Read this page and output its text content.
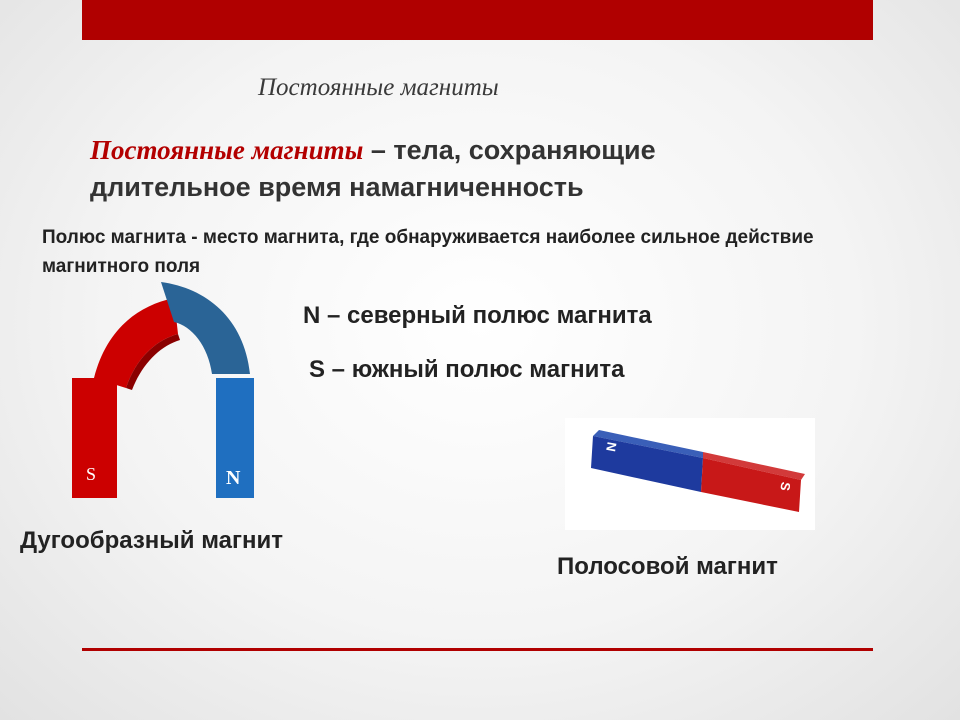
Постоянные магниты
Постоянные магниты – тела, сохраняющие длительное время намагниченность
Полюс магнита - место магнита, где обнаруживается наиболее сильное действие магнитного поля
N – северный полюс магнита
S – южный полюс магнита
S	N
Дугообразный магнит
N
S
Полосовой магнит
